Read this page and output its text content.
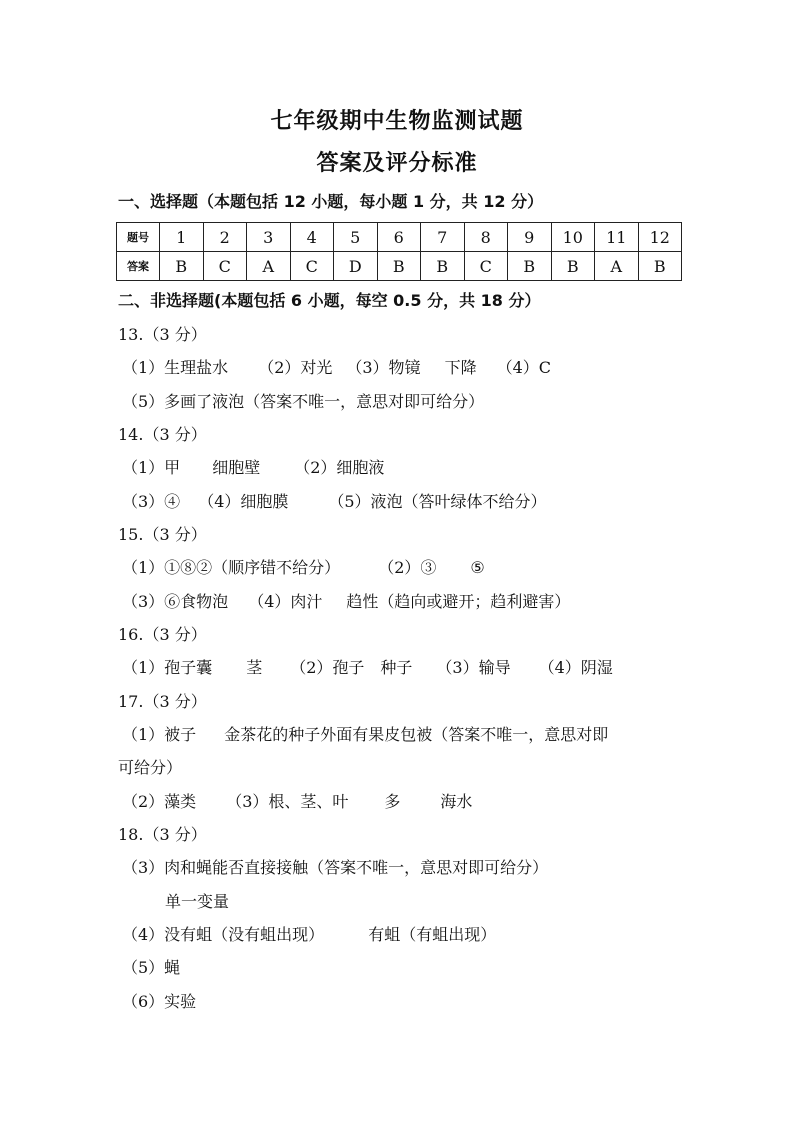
七年级期中生物监测试题
答案及评分标准
一、选择题（本题包括 12 小题，每小题 1 分，共 12 分）
题号	1	2	3	4	5	6	7	8	9	10	11	12
答案	B	C	A	C	D	B	B	C	B	B	A	B
二、非选择题(本题包括 6 小题，每空 0.5 分，共 18 分）
13.（3 分）
（1）生理盐水 （2）对光 （3）物镜 下降 （4）C
（5）多画了液泡（答案不唯一，意思对即可给分）
14.（3 分）
（1）甲 细胞壁 （2）细胞液
（3）④ （4）细胞膜	（5）液泡（答叶绿体不给分）
15.（3 分）
（1）①⑧②（顺序错不给分） （2）③ ⑤
（3）⑥食物泡 （4）肉汁 趋性（趋向或避开；趋利避害）
16.（3 分）
（1）孢子囊 茎 （2）孢子 种子 （3）输导 （4）阴湿
17.（3 分）
（1）被子 金茶花的种子外面有果皮包被（答案不唯一，意思对即
可给分）
（2）藻类 （3）根、茎、叶 多	海水
18.（3 分）
（3）肉和蝇能否直接接触（答案不唯一，意思对即可给分）
单一变量
（4）没有蛆（没有蛆出现）	有蛆（有蛆出现）
（5）蝇
（6）实验
